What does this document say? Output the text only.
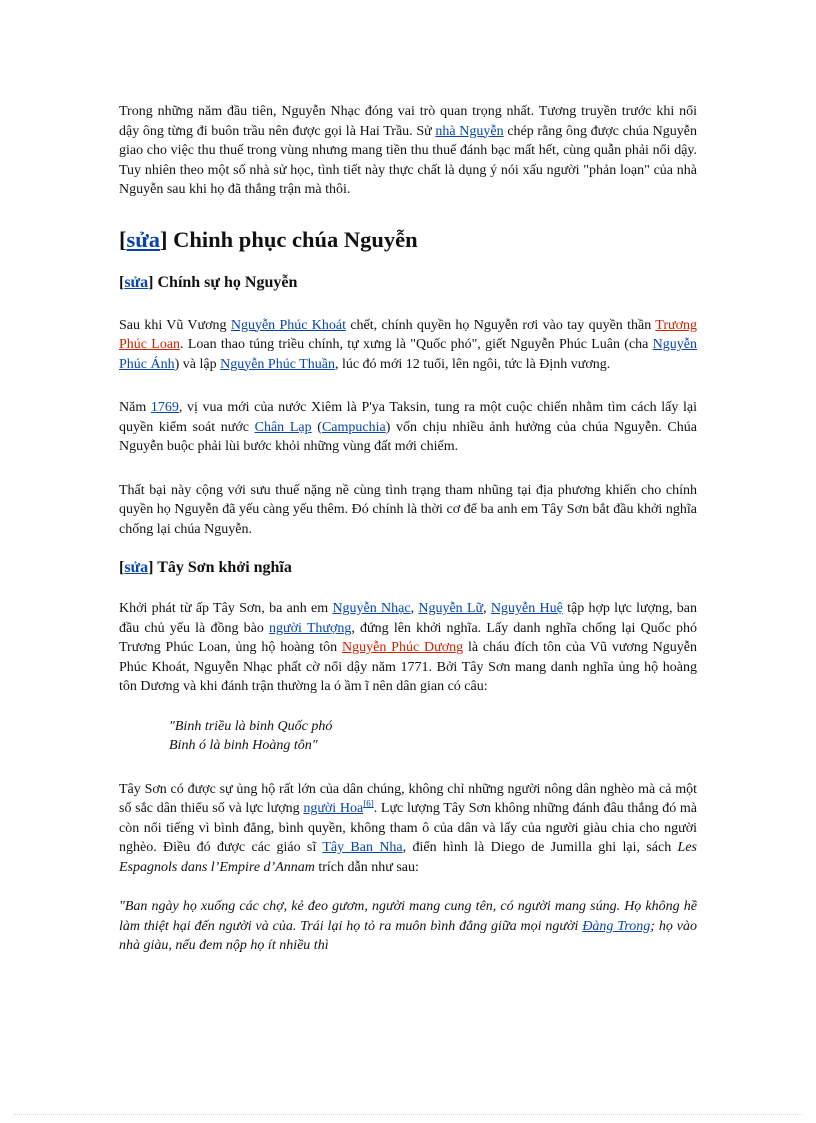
Trong những năm đầu tiên, Nguyễn Nhạc đóng vai trò quan trọng nhất. Tương truyền trước khi nổi dậy ông từng đi buôn trầu nên được gọi là Hai Trầu. Sử nhà Nguyễn chép rằng ông được chúa Nguyễn giao cho việc thu thuế trong vùng nhưng mang tiền thu thuế đánh bạc mất hết, cùng quẫn phải nổi dậy. Tuy nhiên theo một số nhà sử học, tình tiết này thực chất là dụng ý nói xấu người "phản loạn" của nhà Nguyễn sau khi họ đã thắng trận mà thôi.

[sửa] Chinh phục chúa Nguyễn
[sửa] Chính sự họ Nguyễn

Sau khi Vũ Vương Nguyễn Phúc Khoát chết, chính quyền họ Nguyễn rơi vào tay quyền thần Trương Phúc Loan. Loan thao túng triều chính, tự xưng là "Quốc phó", giết Nguyễn Phúc Luân (cha Nguyễn Phúc Ánh) và lập Nguyễn Phúc Thuần, lúc đó mới 12 tuổi, lên ngôi, tức là Định vương.

Năm 1769, vị vua mới của nước Xiêm là P'ya Taksin, tung ra một cuộc chiến nhằm tìm cách lấy lại quyền kiểm soát nước Chân Lạp (Campuchia) vốn chịu nhiều ảnh hưởng của chúa Nguyễn. Chúa Nguyễn buộc phải lùi bước khỏi những vùng đất mới chiếm.

Thất bại này cộng với sưu thuế nặng nề cùng tình trạng tham nhũng tại địa phương khiến cho chính quyền họ Nguyễn đã yếu càng yếu thêm. Đó chính là thời cơ để ba anh em Tây Sơn bắt đầu khởi nghĩa chống lại chúa Nguyễn.

[sửa] Tây Sơn khởi nghĩa

Khởi phát từ ấp Tây Sơn, ba anh em Nguyễn Nhạc, Nguyễn Lữ, Nguyễn Huệ tập hợp lực lượng, ban đầu chủ yếu là đồng bào người Thượng, đứng lên khởi nghĩa. Lấy danh nghĩa chống lại Quốc phó Trương Phúc Loan, ủng hộ hoàng tôn Nguyễn Phúc Dương là cháu đích tôn của Vũ vương Nguyễn Phúc Khoát, Nguyễn Nhạc phất cờ nổi dậy năm 1771. Bởi Tây Sơn mang danh nghĩa ủng hộ hoàng tôn Dương và khi đánh trận thường la ó ầm ĩ nên dân gian có câu:

"Binh triều là binh Quốc phó
Binh ó là binh Hoàng tôn"

Tây Sơn có được sự ủng hộ rất lớn của dân chúng, không chỉ những người nông dân nghèo mà cả một số sắc dân thiểu số và lực lượng người Hoa[6]. Lực lượng Tây Sơn không những đánh đâu thắng đó mà còn nổi tiếng vì bình đẳng, bình quyền, không tham ô của dân và lấy của người giàu chia cho người nghèo. Điều đó được các giáo sĩ Tây Ban Nha, điển hình là Diego de Jumilla ghi lại, sách Les Espagnols dans l’Empire d’Annam trích dẫn như sau:

"Ban ngày họ xuống các chợ, kẻ đeo gươm, người mang cung tên, có người mang súng. Họ không hề làm thiệt hại đến người và của. Trái lại họ tỏ ra muôn bình đẳng giữa mọi người Đàng Trong; họ vào nhà giàu, nếu đem nộp họ ít nhiều thì
